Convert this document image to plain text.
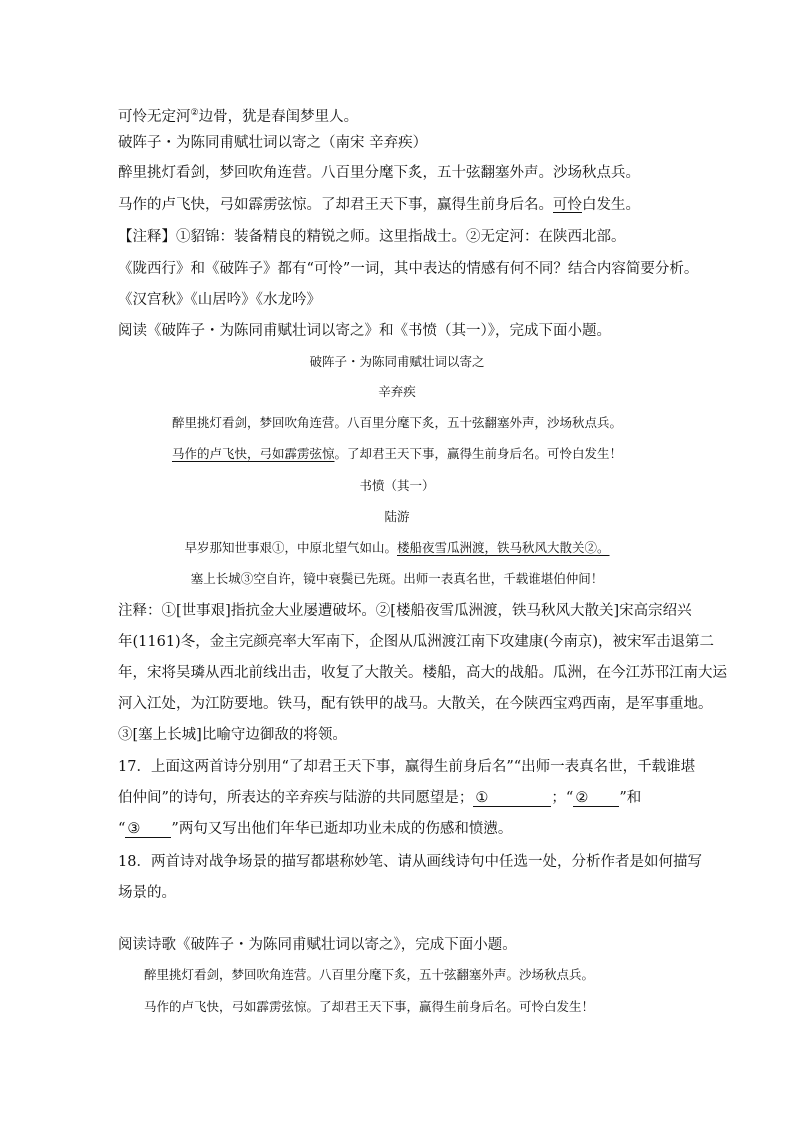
可怜无定河②边骨，犹是春闺梦里人。
破阵子・为陈同甫赋壮词以寄之（南宋 辛弃疾）
醉里挑灯看剑，梦回吹角连营。八百里分麾下炙，五十弦翻塞外声。沙场秋点兵。
马作的卢飞快，弓如霹雳弦惊。了却君王天下事，赢得生前身后名。可怜白发生。
【注释】①貂锦：装备精良的精锐之师。这里指战士。②无定河：在陕西北部。
《陇西行》和《破阵子》都有“可怜”一词，其中表达的情感有何不同？结合内容简要分析。
《汉宫秋》《山居吟》《水龙吟》
阅读《破阵子・为陈同甫赋壮词以寄之》和《书愤（其一）》，完成下面小题。
破阵子・为陈同甫赋壮词以寄之
辛弃疾
醉里挑灯看剑，梦回吹角连营。八百里分麾下炙，五十弦翻塞外声，沙场秋点兵。
马作的卢飞快，弓如霹雳弦惊。了却君王天下事，赢得生前身后名。可怜白发生！
书愤（其一）
陆游
早岁那知世事艰①，中原北望气如山。楼船夜雪瓜洲渡，铁马秋风大散关②。
塞上长城③空自许，镜中衰鬓已先斑。出师一表真名世，千载谁堪伯仲间！
注释：①[世事艰]指抗金大业屡遭破坏。②[楼船夜雪瓜洲渡，铁马秋风大散关]宋高宗绍兴
年(1161)冬，金主完颜亮率大军南下，企图从瓜洲渡江南下攻建康(今南京)，被宋军击退第二
年，宋将吴璘从西北前线出击，收复了大散关。楼船，高大的战船。瓜洲，在今江苏邗江南大运
河入江处，为江防要地。铁马，配有铁甲的战马。大散关，在今陕西宝鸡西南，是军事重地。
③[塞上长城]比喻守边御敌的将领。
17．上面这两首诗分别用“了却君王天下事，赢得生前身后名”“出师一表真名世，千载谁堪
伯仲间”的诗句，所表达的辛弃疾与陆游的共同愿望是； ①	；“ ② ”和
“ ③ ”两句又写出他们年华已逝却功业未成的伤感和愤懑。
18．两首诗对战争场景的描写都堪称妙笔、请从画线诗句中任选一处，分析作者是如何描写
场景的。
阅读诗歌《破阵子・为陈同甫赋壮词以寄之》，完成下面小题。
醉里挑灯看剑，梦回吹角连营。八百里分麾下炙，五十弦翻塞外声。沙场秋点兵。
马作的卢飞快，弓如霹雳弦惊。了却君王天下事，赢得生前身后名。可怜白发生！
